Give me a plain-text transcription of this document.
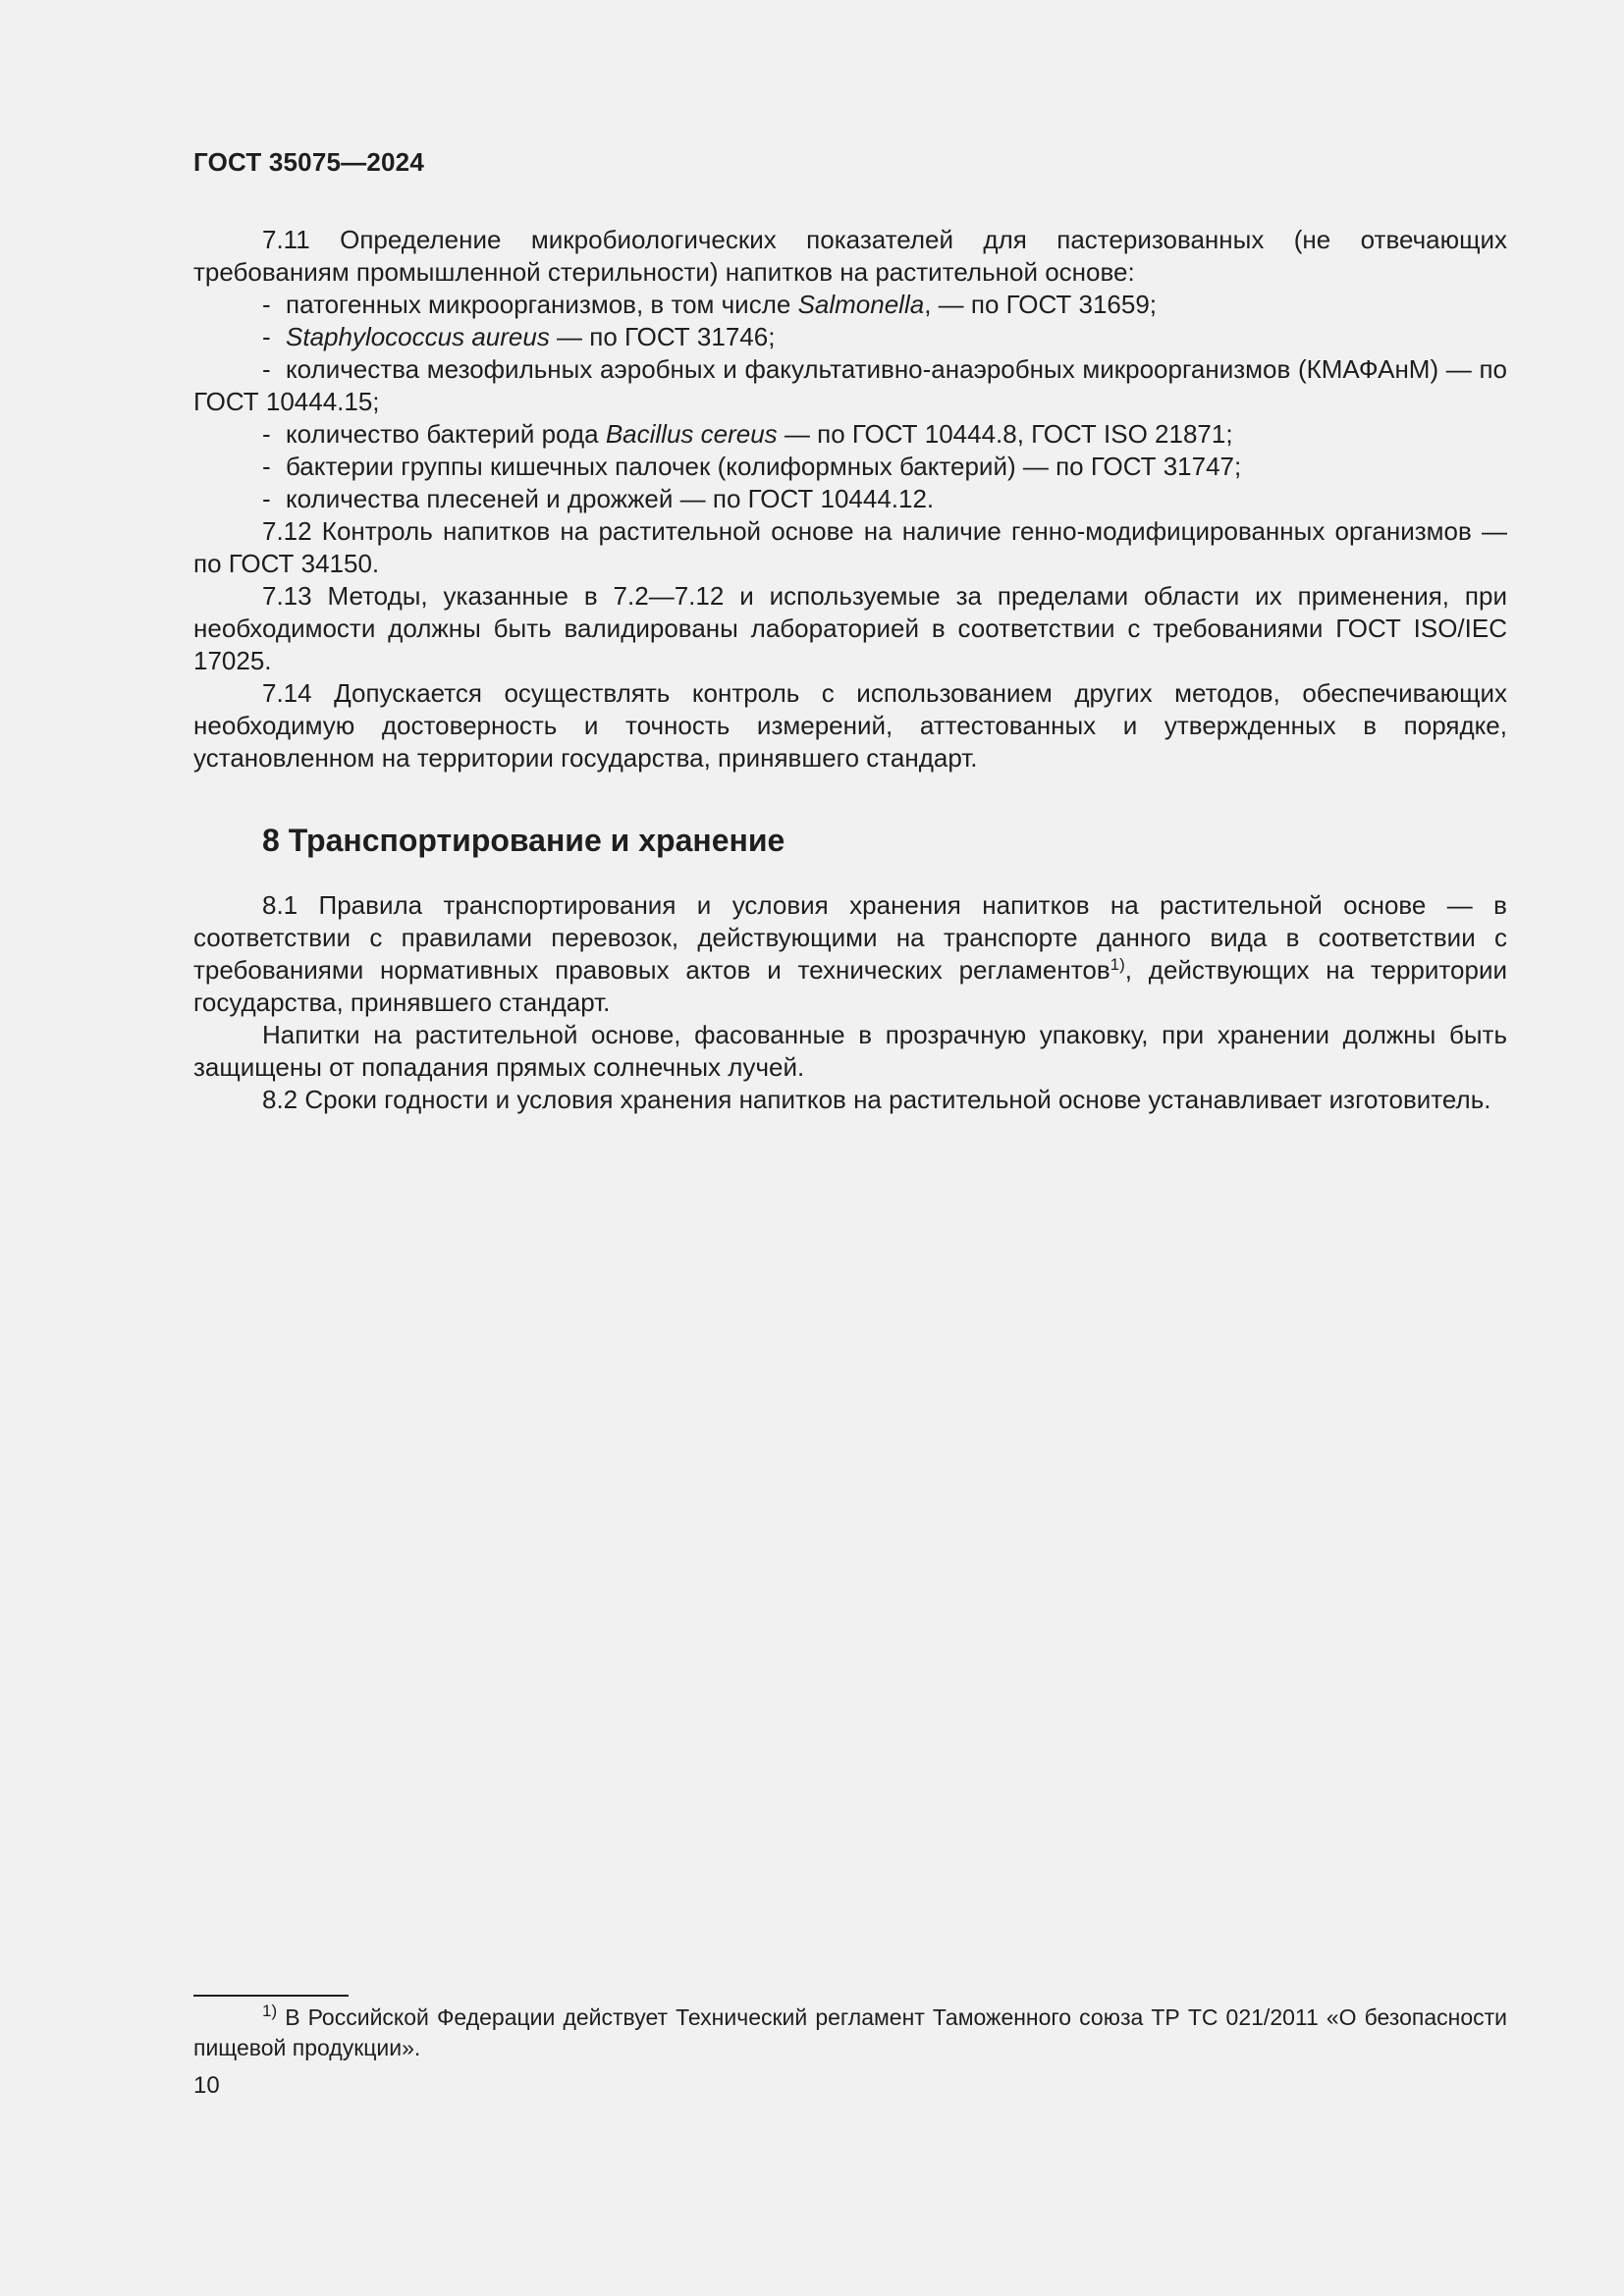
ГОСТ 35075—2024

7.11 Определение микробиологических показателей для пастеризованных (не отвечающих требованиям промышленной стерильности) напитков на растительной основе:

- патогенных микроорганизмов, в том числе Salmonella, — по ГОСТ 31659;

- Staphylococcus aureus — по ГОСТ 31746;

- количества мезофильных аэробных и факультативно-анаэробных микроорганизмов (КМАФАнМ) — по ГОСТ 10444.15;

- количество бактерий рода Bacillus cereus — по ГОСТ 10444.8, ГОСТ ISO 21871;

- бактерии группы кишечных палочек (колиформных бактерий) — по ГОСТ 31747;

- количества плесеней и дрожжей — по ГОСТ 10444.12.

7.12 Контроль напитков на растительной основе на наличие генно-модифицированных организмов — по ГОСТ 34150.

7.13 Методы, указанные в 7.2—7.12 и используемые за пределами области их применения, при необходимости должны быть валидированы лабораторией в соответствии с требованиями ГОСТ ISO/IEC 17025.

7.14 Допускается осуществлять контроль с использованием других методов, обеспечивающих необходимую достоверность и точность измерений, аттестованных и утвержденных в порядке, установленном на территории государства, принявшего стандарт.

8 Транспортирование и хранение

8.1 Правила транспортирования и условия хранения напитков на растительной основе — в соответствии с правилами перевозок, действующими на транспорте данного вида в соответствии с требованиями нормативных правовых актов и технических регламентов$^{1)}$, действующих на территории государства, принявшего стандарт.

Напитки на растительной основе, фасованные в прозрачную упаковку, при хранении должны быть защищены от попадания прямых солнечных лучей.

8.2 Сроки годности и условия хранения напитков на растительной основе устанавливает изготовитель.

$^{1)}$ В Российской Федерации действует Технический регламент Таможенного союза ТР ТС 021/2011 «О безопасности пищевой продукции».

10
